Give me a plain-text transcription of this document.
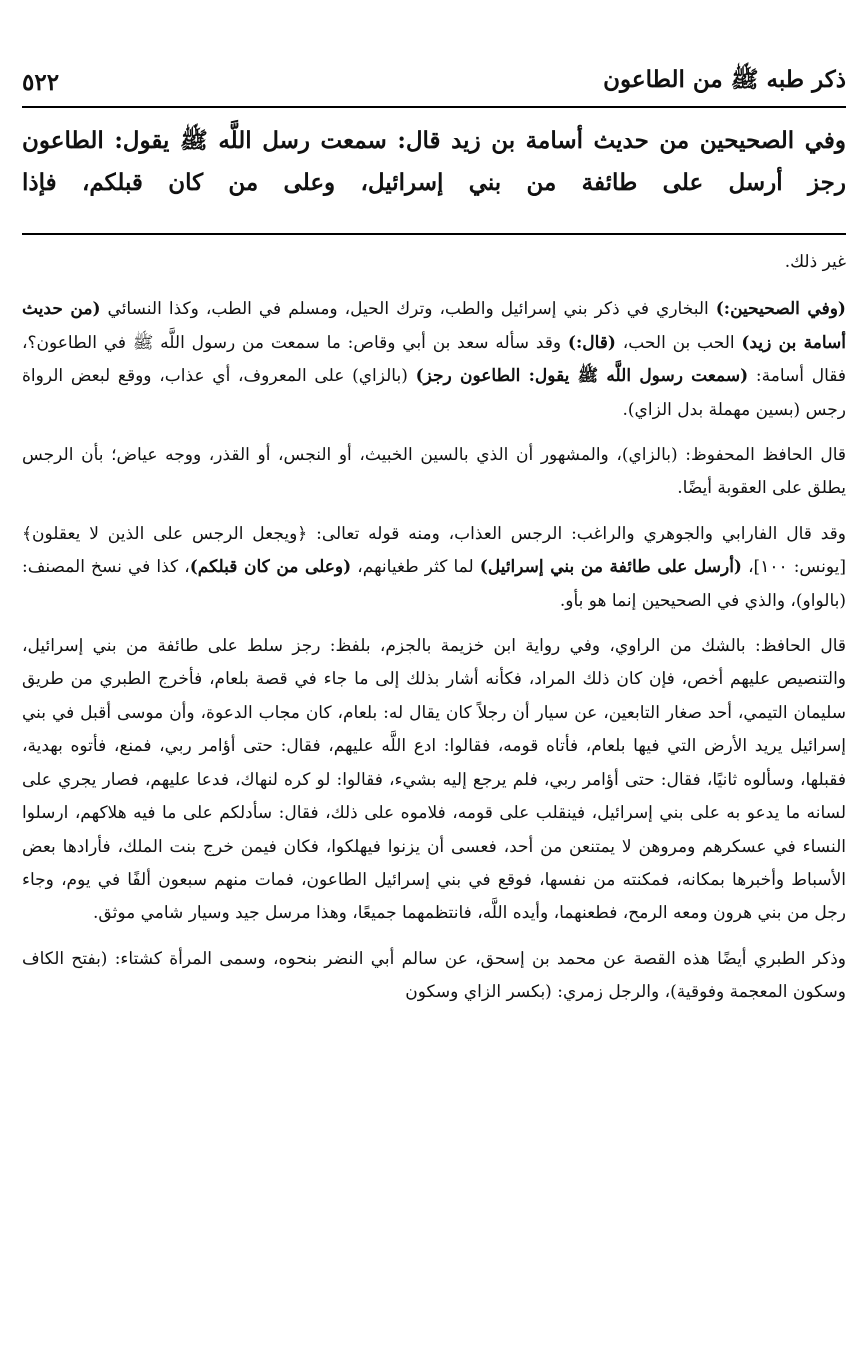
ذكر طبه ﷺ من الطاعون
٥٢٢
وفي الصحيحين من حديث أسامة بن زيد قال: سمعت رسل اللَّه ﷺ يقول: الطاعون رجز أرسل على طائفة من بني إسرائيل، وعلى من كان قبلكم، فإذا

غير ذلك.

(وفي الصحيحين:) البخاري في ذكر بني إسرائيل والطب، وترك الحيل، ومسلم في الطب، وكذا النسائي (من حديث أسامة بن زيد) الحب بن الحب، (قال:) وقد سأله سعد بن أبي وقاص: ما سمعت من رسول اللَّه ﷺ في الطاعون؟، فقال أسامة: (سمعت رسول اللَّه ﷺ يقول: الطاعون رجز) (بالزاي) على المعروف، أي عذاب، ووقع لبعض الرواة رجس (بسين مهملة بدل الزاي).

قال الحافظ المحفوظ: (بالزاي)، والمشهور أن الذي بالسين الخبيث، أو النجس، أو القذر، ووجه عياض؛ بأن الرجس يطلق على العقوبة أيضًا.

وقد قال الفارابي والجوهري والراغب: الرجس العذاب، ومنه قوله تعالى: ﴿ويجعل الرجس على الذين لا يعقلون﴾ [يونس: ١٠٠]، (أرسل على طائفة من بني إسرائيل) لما كثر طغيانهم، (وعلى من كان قبلكم)، كذا في نسخ المصنف: (بالواو)، والذي في الصحيحين إنما هو بأو.

قال الحافظ: بالشك من الراوي، وفي رواية ابن خزيمة بالجزم، بلفظ: رجز سلط على طائفة من بني إسرائيل، والتنصيص عليهم أخص، فإن كان ذلك المراد، فكأنه أشار بذلك إلى ما جاء في قصة بلعام، فأخرج الطبري من طريق سليمان التيمي، أحد صغار التابعين، عن سيار أن رجلاً كان يقال له: بلعام، كان مجاب الدعوة، وأن موسى أقبل في بني إسرائيل يريد الأرض التي فيها بلعام، فأتاه قومه، فقالوا: ادع اللَّه عليهم، فقال: حتى أؤامر ربي، فمنع، فأتوه بهدية، فقبلها، وسألوه ثانيًا، فقال: حتى أؤامر ربي، فلم يرجع إليه بشيء، فقالوا: لو كره لنهاك، فدعا عليهم، فصار يجري على لسانه ما يدعو به على بني إسرائيل، فينقلب على قومه، فلاموه على ذلك، فقال: سأدلكم على ما فيه هلاكهم، ارسلوا النساء في عسكرهم ومروهن لا يمتنعن من أحد، فعسى أن يزنوا فيهلكوا، فكان فيمن خرج بنت الملك، فأرادها بعض الأسباط وأخبرها بمكانه، فمكنته من نفسها، فوقع في بني إسرائيل الطاعون، فمات منهم سبعون ألفًا في يوم، وجاء رجل من بني هرون ومعه الرمح، فطعنهما، وأيده اللَّه، فانتظمهما جميعًا، وهذا مرسل جيد وسيار شامي موثق.

وذكر الطبري أيضًا هذه القصة عن محمد بن إسحق، عن سالم أبي النضر بنحوه، وسمى المرأة كشتاء: (بفتح الكاف وسكون المعجمة وفوقية)، والرجل زمري: (بكسر الزاي وسكون
